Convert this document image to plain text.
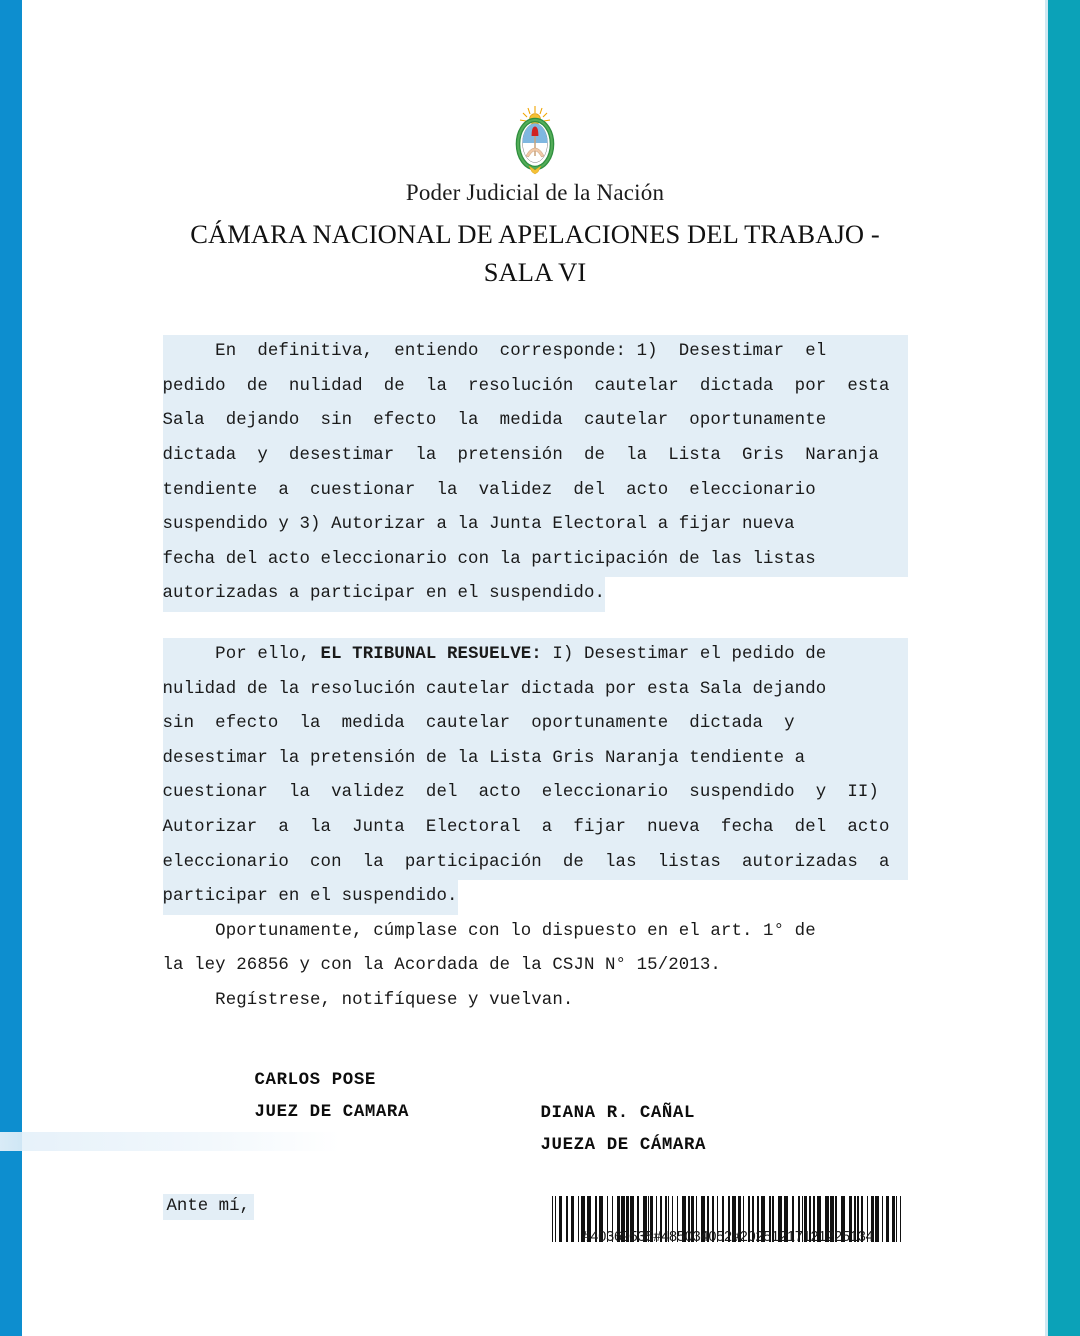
Poder Judicial de la Nación

CÁMARA NACIONAL DE APELACIONES DEL TRABAJO - SALA VI

En  definitiva,  entiendo  corresponde: 1)  Desestimar  el
pedido  de  nulidad  de  la  resolución  cautelar  dictada  por  esta
Sala  dejando  sin  efecto  la  medida  cautelar  oportunamente
dictada  y  desestimar  la  pretensión  de  la  Lista  Gris  Naranja
tendiente  a  cuestionar  la  validez  del  acto  eleccionario
suspendido y 3) Autorizar a la Junta Electoral a fijar nueva
fecha del acto eleccionario con la participación de las listas
autorizadas a participar en el suspendido.

Por ello, EL TRIBUNAL RESUELVE: I) Desestimar el pedido de
nulidad de la resolución cautelar dictada por esta Sala dejando
sin  efecto  la  medida  cautelar  oportunamente  dictada  y
desestimar la pretensión de la Lista Gris Naranja tendiente a
cuestionar  la  validez  del  acto  eleccionario  suspendido  y  II)
Autorizar  a  la  Junta  Electoral  a  fijar  nueva  fecha  del  acto
eleccionario  con  la  participación  de  las  listas  autorizadas  a
participar en el suspendido.

Oportunamente, cúmplase con lo dispuesto en el art. 1° de
la ley 26856 y con la Acordada de la CSJN N° 15/2013.

Regístrese, notifíquese y vuelvan.

CARLOS POSE
JUEZ DE CAMARA	DIANA R. CAÑAL
JUEZA DE CÁMARA
Ante mí,
#40369535#485034052#20251217121225134
